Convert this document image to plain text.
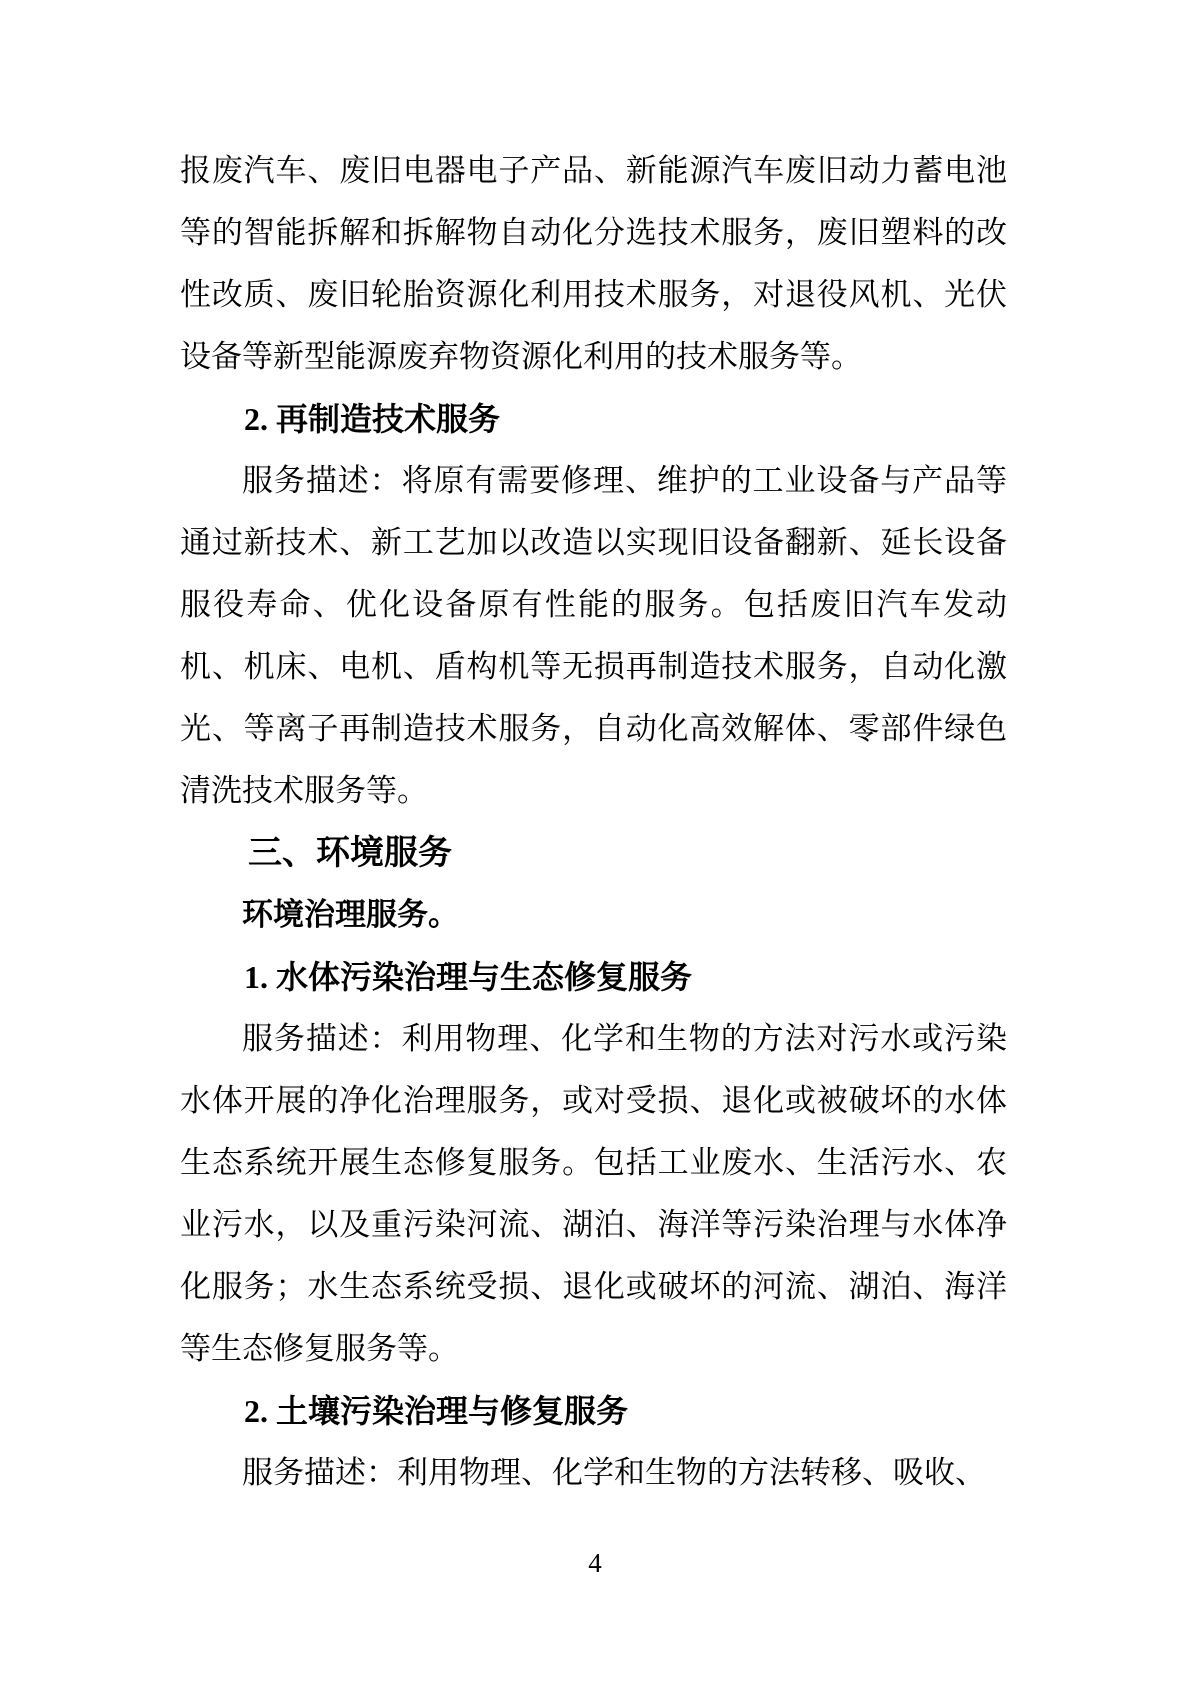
报废汽车、废旧电器电子产品、新能源汽车废旧动力蓄电池等的智能拆解和拆解物自动化分选技术服务，废旧塑料的改性改质、废旧轮胎资源化利用技术服务，对退役风机、光伏设备等新型能源废弃物资源化利用的技术服务等。
2. 再制造技术服务
服务描述：将原有需要修理、维护的工业设备与产品等通过新技术、新工艺加以改造以实现旧设备翻新、延长设备服役寿命、优化设备原有性能的服务。包括废旧汽车发动机、机床、电机、盾构机等无损再制造技术服务，自动化激光、等离子再制造技术服务，自动化高效解体、零部件绿色清洗技术服务等。
三、环境服务
环境治理服务。
1. 水体污染治理与生态修复服务
服务描述：利用物理、化学和生物的方法对污水或污染水体开展的净化治理服务，或对受损、退化或被破坏的水体生态系统开展生态修复服务。包括工业废水、生活污水、农业污水，以及重污染河流、湖泊、海洋等污染治理与水体净化服务；水生态系统受损、退化或破坏的河流、湖泊、海洋等生态修复服务等。
2. 土壤污染治理与修复服务
服务描述：利用物理、化学和生物的方法转移、吸收、
4
